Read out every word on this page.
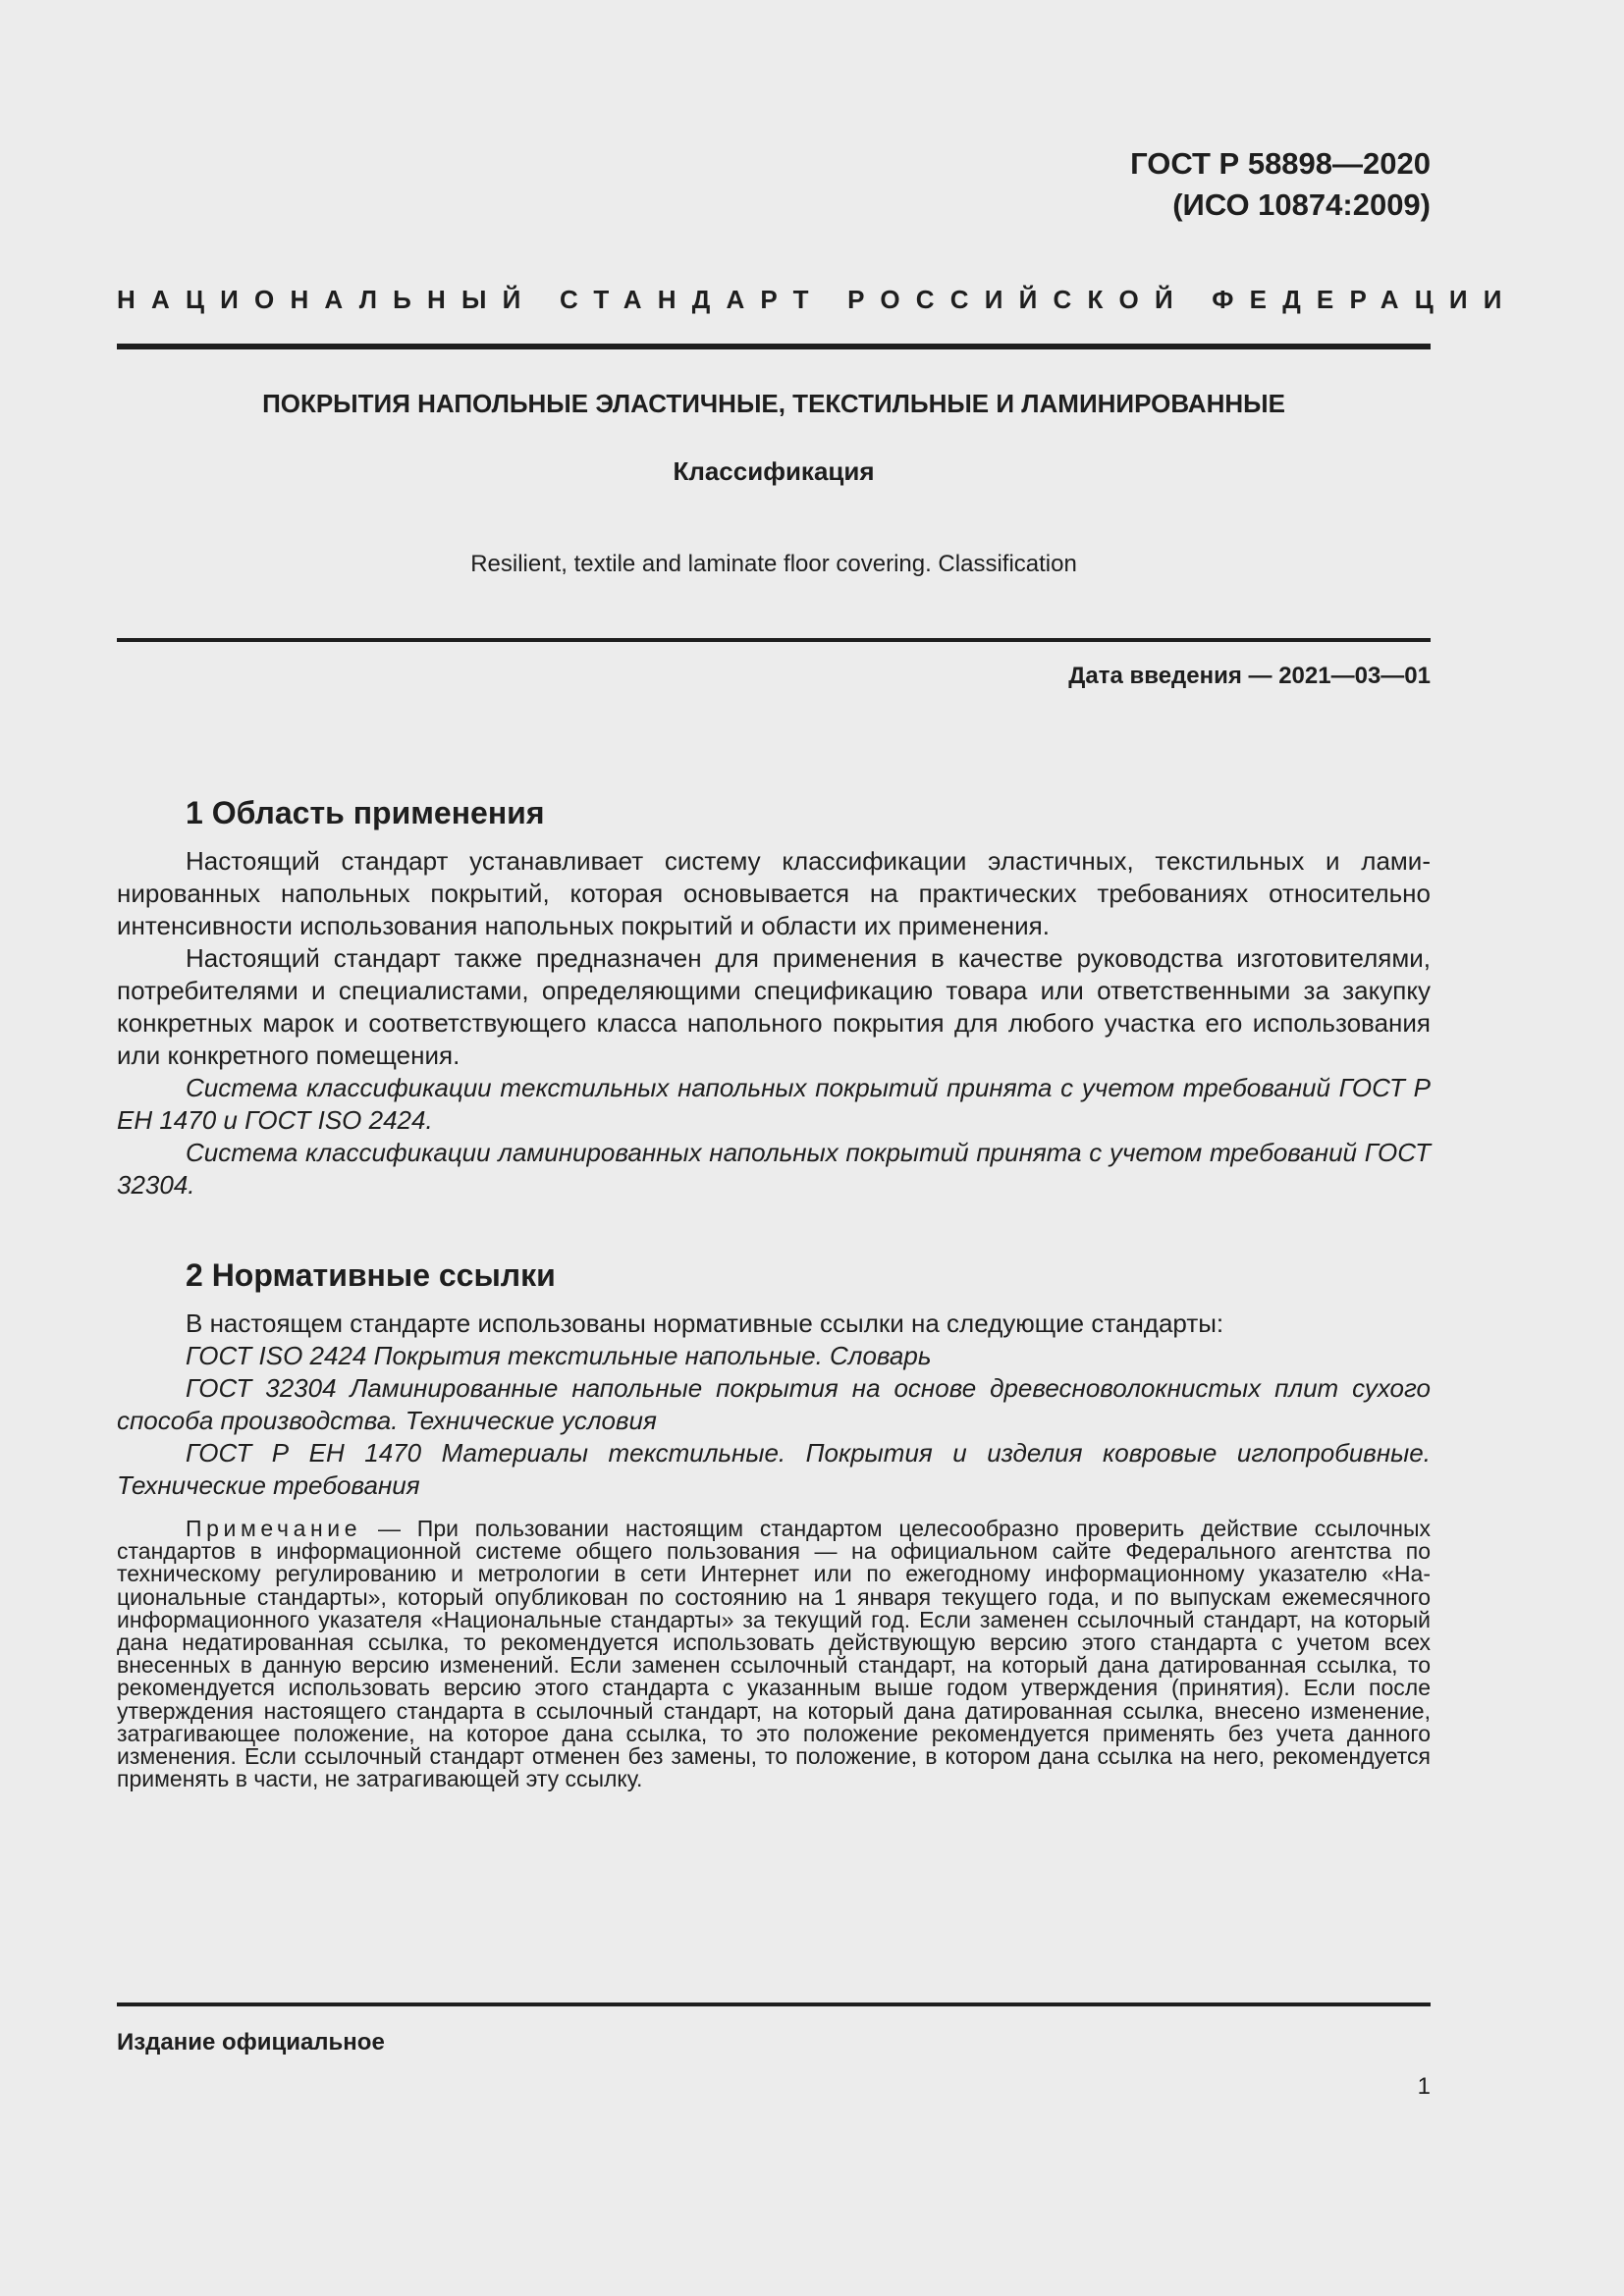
ГОСТ Р 58898—2020
(ИСО 10874:2009)
НАЦИОНАЛЬНЫЙ СТАНДАРТ РОССИЙСКОЙ ФЕДЕРАЦИИ
ПОКРЫТИЯ НАПОЛЬНЫЕ ЭЛАСТИЧНЫЕ, ТЕКСТИЛЬНЫЕ И ЛАМИНИРОВАННЫЕ
Классификация
Resilient, textile and laminate floor covering. Classification
Дата введения — 2021—03—01
1 Область применения

Настоящий стандарт устанавливает систему классификации эластичных, текстильных и ламинированных напольных покрытий, которая основывается на практических требованиях относительно интенсивности использования напольных покрытий и области их применения.

Настоящий стандарт также предназначен для применения в качестве руководства изготовителями, потребителями и специалистами, определяющими спецификацию товара или ответственными за закупку конкретных марок и соответствующего класса напольного покрытия для любого участка его использования или конкретного помещения.

Система классификации текстильных напольных покрытий принята с учетом требований ГОСТ Р ЕН 1470 и ГОСТ ISO 2424.

Система классификации ламинированных напольных покрытий принята с учетом требований ГОСТ 32304.

2 Нормативные ссылки

В настоящем стандарте использованы нормативные ссылки на следующие стандарты:

ГОСТ ISO 2424 Покрытия текстильные напольные. Словарь

ГОСТ 32304 Ламинированные напольные покрытия на основе древесноволокнистых плит сухого способа производства. Технические условия

ГОСТ Р ЕН 1470 Материалы текстильные. Покрытия и изделия ковровые иглопробивные. Технические требования

Примечание — При пользовании настоящим стандартом целесообразно проверить действие ссылочных стандартов в информационной системе общего пользования — на официальном сайте Федерального агентства по техническому регулированию и метрологии в сети Интернет или по ежегодному информационному указателю «Национальные стандарты», который опубликован по состоянию на 1 января текущего года, и по выпускам ежемесячного информационного указателя «Национальные стандарты» за текущий год. Если заменен ссылочный стандарт, на который дана недатированная ссылка, то рекомендуется использовать действующую версию этого стандарта с учетом всех внесенных в данную версию изменений. Если заменен ссылочный стандарт, на который дана датированная ссылка, то рекомендуется использовать версию этого стандарта с указанным выше годом утверждения (принятия). Если после утверждения настоящего стандарта в ссылочный стандарт, на который дана датированная ссылка, внесено изменение, затрагивающее положение, на которое дана ссылка, то это положение рекомендуется применять без учета данного изменения. Если ссылочный стандарт отменен без замены, то положение, в котором дана ссылка на него, рекомендуется применять в части, не затрагивающей эту ссылку.

Издание официальное
1
